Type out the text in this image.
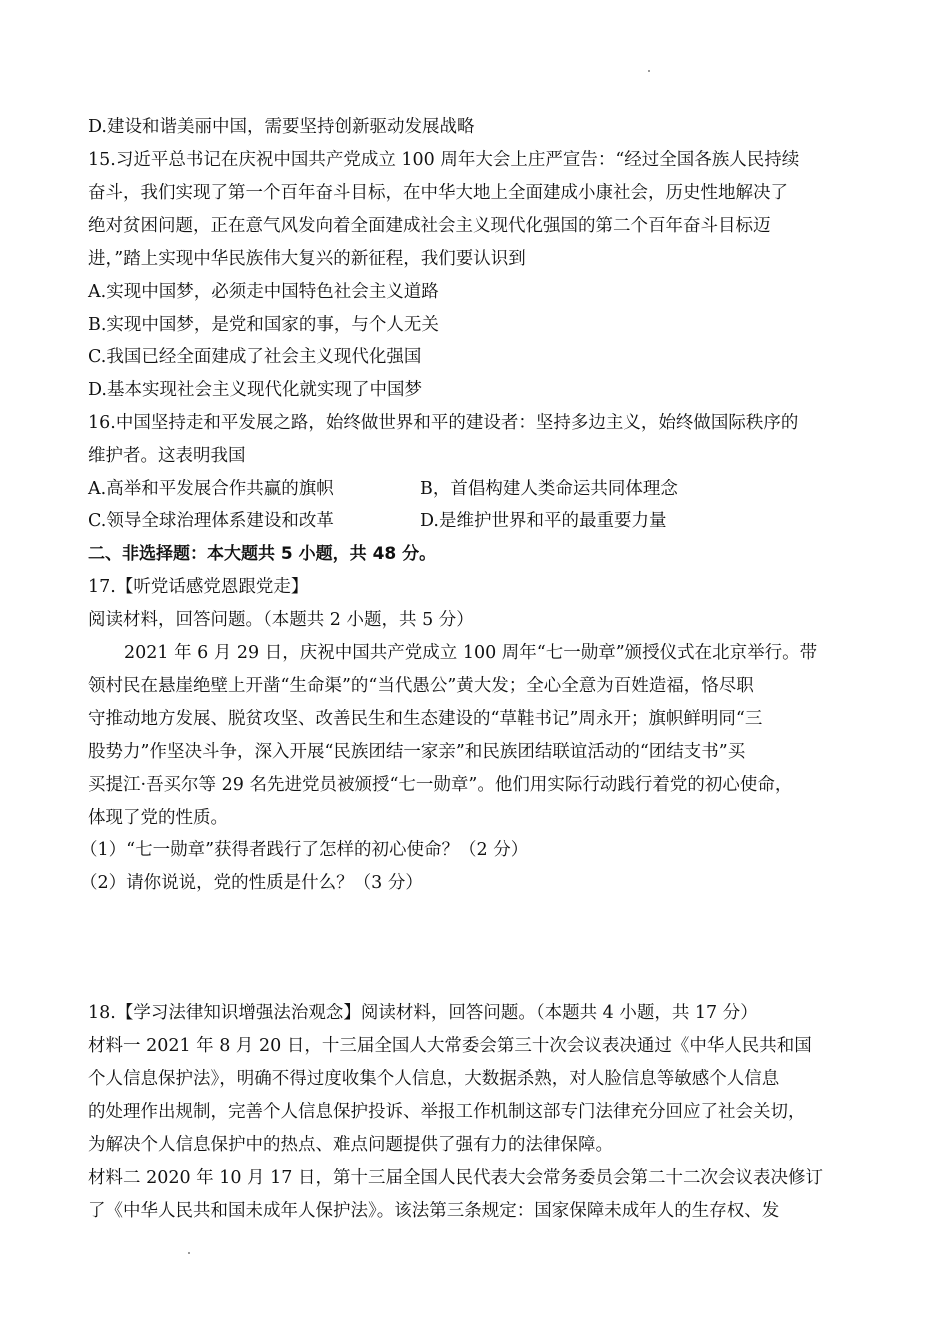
D.建设和谐美丽中国，需要坚持创新驱动发展战略
15.习近平总书记在庆祝中国共产党成立 100 周年大会上庄严宣告：“经过全国各族人民持续
奋斗，我们实现了第一个百年奋斗目标，在中华大地上全面建成小康社会，历史性地解决了
绝对贫困问题，正在意气风发向着全面建成社会主义现代化强国的第二个百年奋斗目标迈
进，”踏上实现中华民族伟大复兴的新征程，我们要认识到
A.实现中国梦，必须走中国特色社会主义道路
B.实现中国梦，是党和国家的事，与个人无关
C.我国已经全面建成了社会主义现代化强国
D.基本实现社会主义现代化就实现了中国梦
16.中国坚持走和平发展之路，始终做世界和平的建设者：坚持多边主义，始终做国际秩序的
维护者。这表明我国
A.高举和平发展合作共赢的旗帜	B，首倡构建人类命运共同体理念
C.领导全球治理体系建设和改革	D.是维护世界和平的最重要力量
二、非选择题：本大题共 5 小题，共 48 分。
17.【听党话感党恩跟党走】
阅读材料，回答问题。（本题共 2 小题，共 5 分）
2021 年 6 月 29 日，庆祝中国共产党成立 100 周年“七一勋章”颁授仪式在北京举行。带
领村民在悬崖绝壁上开凿“生命渠”的“当代愚公”黄大发；全心全意为百姓造福，恪尽职
守推动地方发展、脱贫攻坚、改善民生和生态建设的“草鞋书记”周永开；旗帜鲜明同“三
股势力”作坚决斗争，深入开展“民族团结一家亲”和民族团结联谊活动的“团结支书”买
买提江·吾买尔等 29 名先进党员被颁授“七一勋章”。他们用实际行动践行着党的初心使命，
体现了党的性质。
（1）“七一勋章”获得者践行了怎样的初心使命？（2 分）
（2）请你说说，党的性质是什么？（3 分）
18.【学习法律知识增强法治观念】阅读材料，回答问题。（本题共 4 小题，共 17 分）
材料一 2021 年 8 月 20 日，十三届全国人大常委会第三十次会议表决通过《中华人民共和国
个人信息保护法》，明确不得过度收集个人信息，大数据杀熟，对人脸信息等敏感个人信息
的处理作出规制，完善个人信息保护投诉、举报工作机制这部专门法律充分回应了社会关切，
为解决个人信息保护中的热点、难点问题提供了强有力的法律保障。
材料二 2020 年 10 月 17 日，第十三届全国人民代表大会常务委员会第二十二次会议表决修订
了《中华人民共和国未成年人保护法》。该法第三条规定：国家保障未成年人的生存权、发
